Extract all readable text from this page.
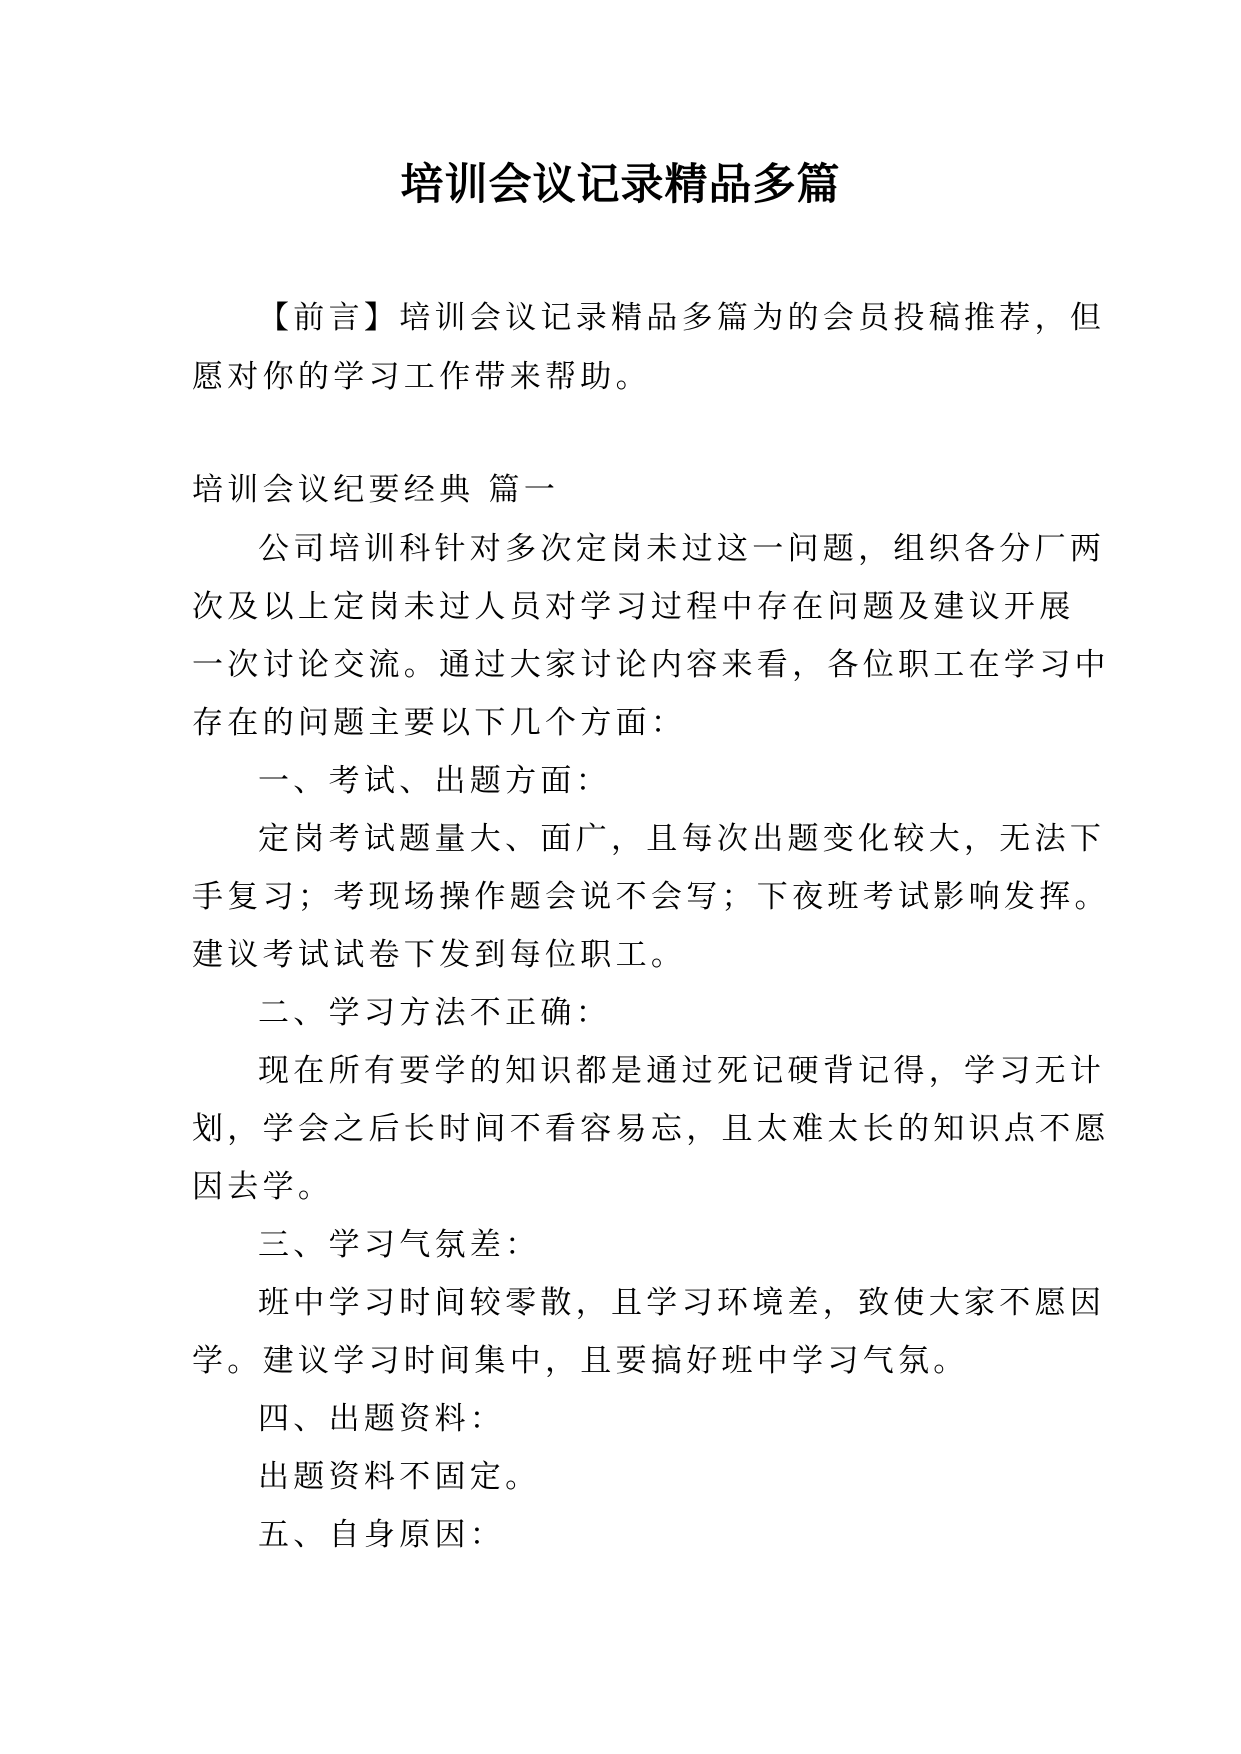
培训会议记录精品多篇
【前言】培训会议记录精品多篇为的会员投稿推荐，但
愿对你的学习工作带来帮助。
培训会议纪要经典 篇一
公司培训科针对多次定岗未过这一问题，组织各分厂两
次及以上定岗未过人员对学习过程中存在问题及建议开展
一次讨论交流。通过大家讨论内容来看，各位职工在学习中
存在的问题主要以下几个方面：
一、考试、出题方面：
定岗考试题量大、面广，且每次出题变化较大，无法下
手复习；考现场操作题会说不会写；下夜班考试影响发挥。
建议考试试卷下发到每位职工。
二、学习方法不正确：
现在所有要学的知识都是通过死记硬背记得，学习无计
划，学会之后长时间不看容易忘，且太难太长的知识点不愿
因去学。
三、学习气氛差：
班中学习时间较零散，且学习环境差，致使大家不愿因
学。建议学习时间集中，且要搞好班中学习气氛。
四、出题资料：
出题资料不固定。
五、自身原因：
